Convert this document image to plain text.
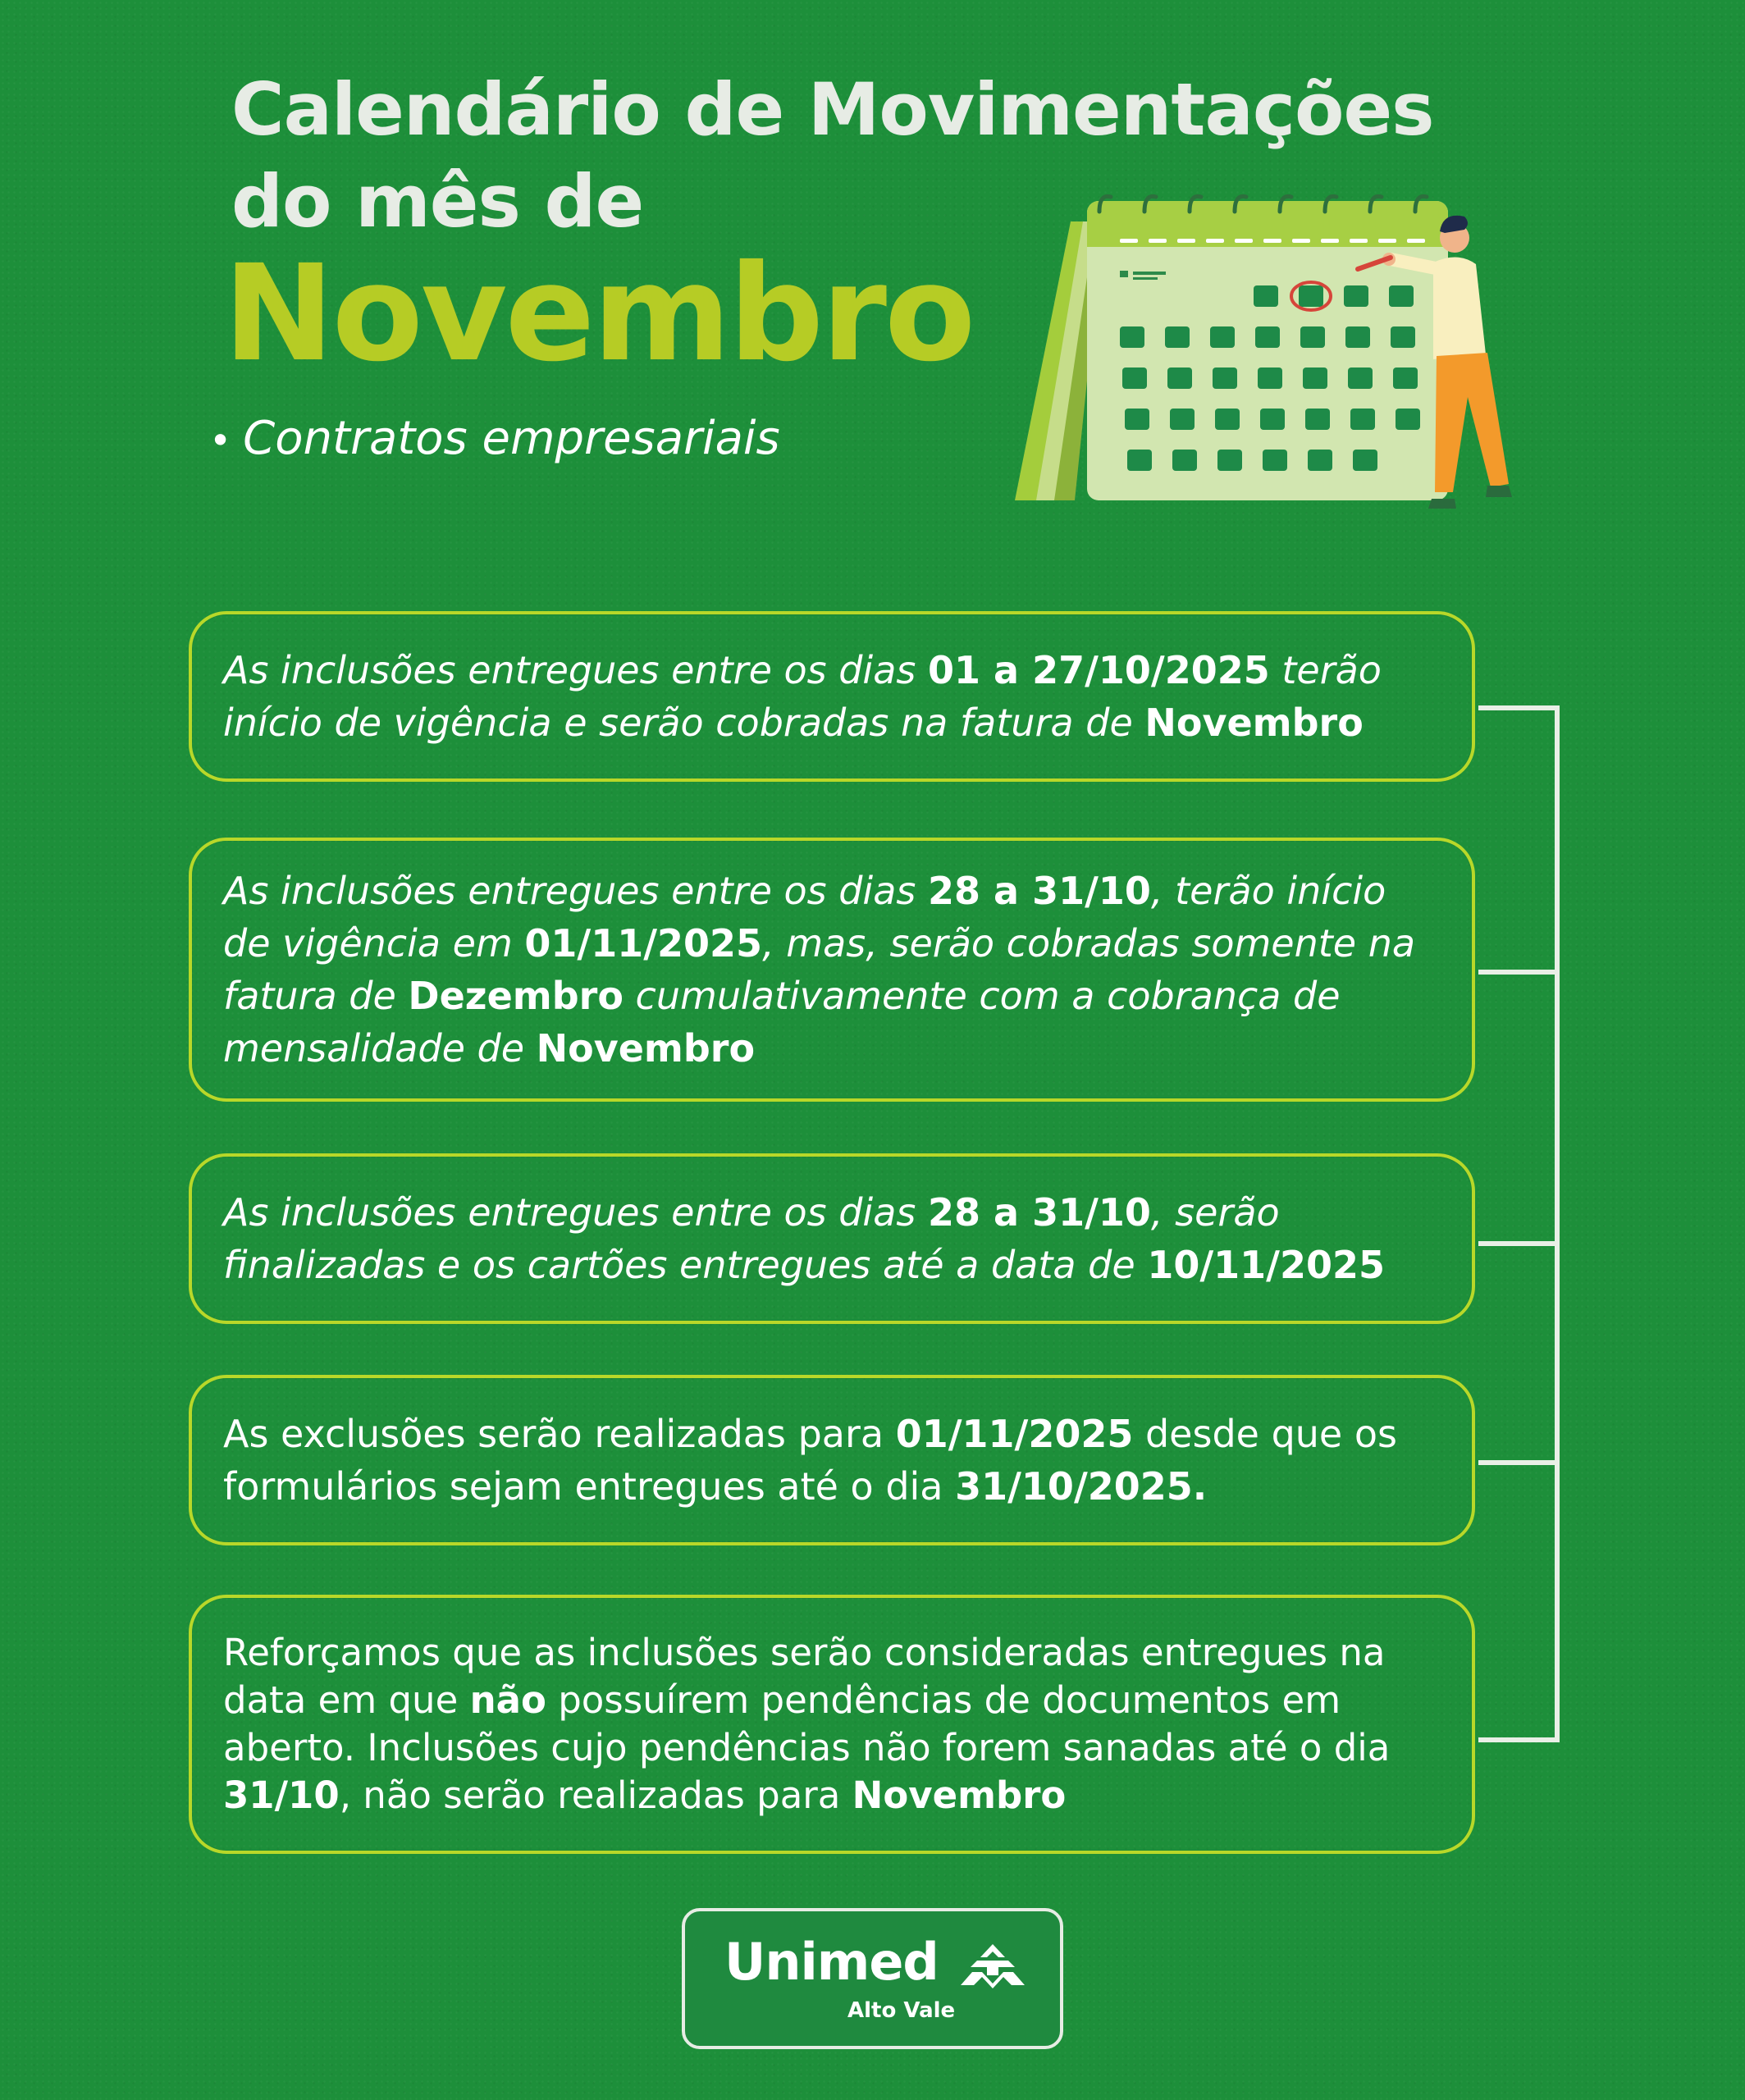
Calendário de Movimentações
do mês de
Novembro

• Contratos empresariais

As inclusões entregues entre os dias 01 a 27/10/2025 terão início de vigência e serão cobradas na fatura de Novembro

As inclusões entregues entre os dias 28 a 31/10, terão início de vigência em 01/11/2025, mas, serão cobradas somente na fatura de Dezembro cumulativamente com a cobrança de mensalidade de Novembro

As inclusões entregues entre os dias 28 a 31/10, serão finalizadas e os cartões entregues até a data de 10/11/2025

As exclusões serão realizadas para 01/11/2025 desde que os formulários sejam entregues até o dia 31/10/2025.

Reforçamos que as inclusões serão consideradas entregues na data em que não possuírem pendências de documentos em aberto. Inclusões cujo pendências não forem sanadas até o dia 31/10, não serão realizadas para Novembro

Unimed

Alto Vale
